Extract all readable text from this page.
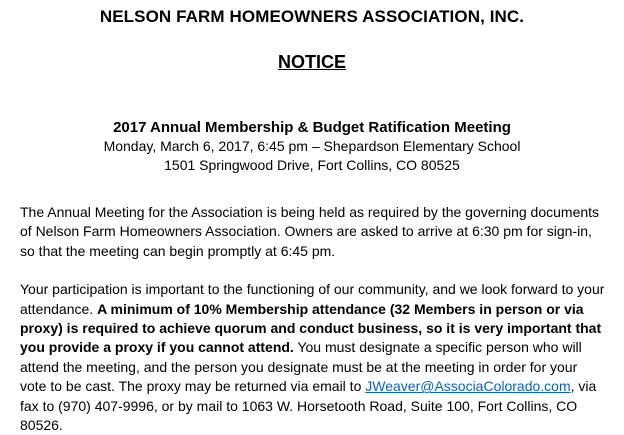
NELSON FARM HOMEOWNERS ASSOCIATION, INC.
NOTICE

2017 Annual Membership & Budget Ratification Meeting

Monday, March 6, 2017, 6:45 pm – Shepardson Elementary School

1501 Springwood Drive, Fort Collins, CO 80525

The Annual Meeting for the Association is being held as required by the governing documents of Nelson Farm Homeowners Association. Owners are asked to arrive at 6:30 pm for sign-in, so that the meeting can begin promptly at 6:45 pm.

Your participation is important to the functioning of our community, and we look forward to your attendance. A minimum of 10% Membership attendance (32 Members in person or via proxy) is required to achieve quorum and conduct business, so it is very important that you provide a proxy if you cannot attend. You must designate a specific person who will attend the meeting, and the person you designate must be at the meeting in order for your vote to be cast. The proxy may be returned via email to JWeaver@AssociaColorado.com, via fax to (970) 407-9996, or by mail to 1063 W. Horsetooth Road, Suite 100, Fort Collins, CO 80526.
